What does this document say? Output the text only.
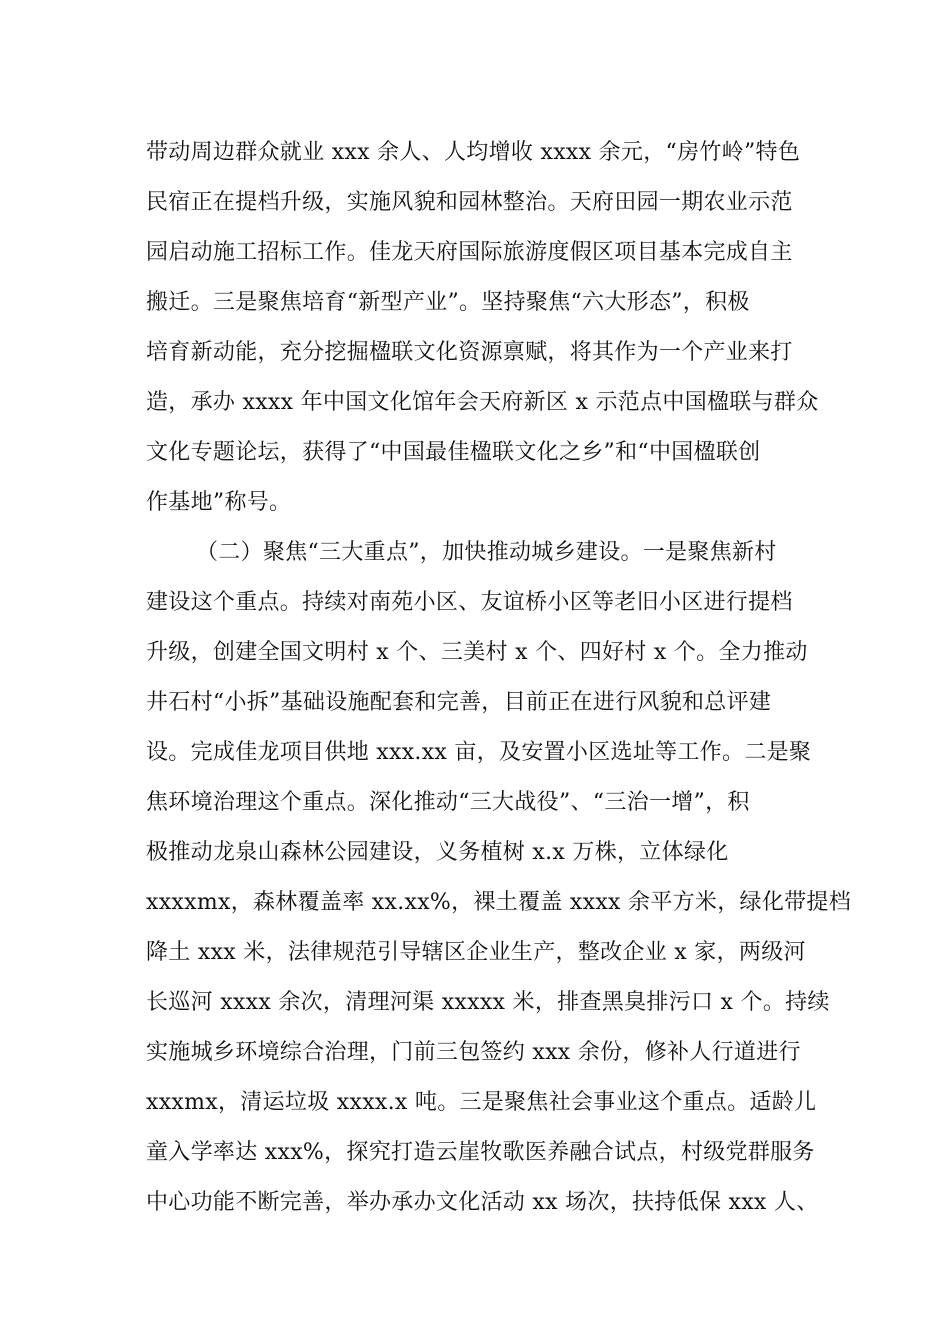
带动周边群众就业 xxx 余人、人均增收 xxxx 余元，“房竹岭”特色
民宿正在提档升级，实施风貌和园林整治。天府田园一期农业示范
园启动施工招标工作。佳龙天府国际旅游度假区项目基本完成自主
搬迁。三是聚焦培育“新型产业”。坚持聚焦“六大形态”，积极
培育新动能，充分挖掘楹联文化资源禀赋，将其作为一个产业来打
造，承办 xxxx 年中国文化馆年会天府新区 x 示范点中国楹联与群众
文化专题论坛，获得了“中国最佳楹联文化之乡”和“中国楹联创
作基地”称号。
（二）聚焦“三大重点”，加快推动城乡建设。一是聚焦新村
建设这个重点。持续对南苑小区、友谊桥小区等老旧小区进行提档
升级，创建全国文明村 x 个、三美村 x 个、四好村 x 个。全力推动
井石村“小拆”基础设施配套和完善，目前正在进行风貌和总评建
设。完成佳龙项目供地 xxx.xx 亩，及安置小区选址等工作。二是聚
焦环境治理这个重点。深化推动“三大战役”、“三治一增”，积
极推动龙泉山森林公园建设，义务植树 x.x 万株，立体绿化
xxxxmx，森林覆盖率 xx.xx%，裸土覆盖 xxxx 余平方米，绿化带提档
降土 xxx 米，法律规范引导辖区企业生产，整改企业 x 家，两级河
长巡河 xxxx 余次，清理河渠 xxxxx 米，排查黑臭排污口 x 个。持续
实施城乡环境综合治理，门前三包签约 xxx 余份，修补人行道进行
xxxmx，清运垃圾 xxxx.x 吨。三是聚焦社会事业这个重点。适龄儿
童入学率达 xxx%，探究打造云崖牧歌医养融合试点，村级党群服务
中心功能不断完善，举办承办文化活动 xx 场次，扶持低保 xxx 人、
